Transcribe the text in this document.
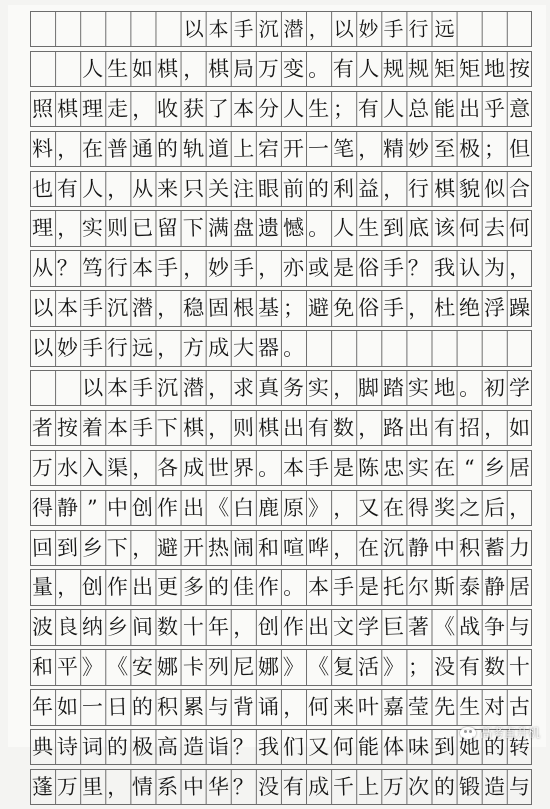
以 本 手 沉 潜 ， 以 妙 手 行 远
人 生 如 棋 ， 棋 局 万 变 。 有 人 规 规 矩 矩 地 按
照 棋 理 走 ， 收 获 了 本 分 人 生 ； 有 人 总 能 出 乎 意
料 ， 在 普 通 的 轨 道 上 宕 开 一 笔 ， 精 妙 至 极 ； 但
也 有 人 ， 从 来 只 关 注 眼 前 的 利 益 ， 行 棋 貌 似 合
理 ， 实 则 已 留 下 满 盘 遗 憾 。 人 生 到 底 该 何 去 何
从 ？ 笃 行 本 手 ， 妙 手 ， 亦 或 是 俗 手 ？ 我 认 为 ，
以 本 手 沉 潜 ， 稳 固 根 基 ； 避 免 俗 手 ， 杜 绝 浮 躁
以 妙 手 行 远 ， 方 成 大 器 。
以 本 手 沉 潜 ， 求 真 务 实 ， 脚 踏 实 地 。 初 学
者 按 着 本 手 下 棋 ， 则 棋 出 有 数 ， 路 出 有 招 ， 如
万 水 入 渠 ， 各 成 世 界 。 本 手 是 陈 忠 实 在 “ 乡 居
得 静 ” 中 创 作 出 《 白 鹿 原 》 ， 又 在 得 奖 之 后 ，
回 到 乡 下 ， 避 开 热 闹 和 喧 哗 ， 在 沉 静 中 积 蓄 力
量 ， 创 作 出 更 多 的 佳 作 。 本 手 是 托 尔 斯 泰 静 居
波 良 纳 乡 间 数 十 年 ， 创 作 出 文 学 巨 著 《 战 争 与
和 平 》 《 安 娜 卡 列 尼 娜 》 《 复 活 》 ； 没 有 数 十
年 如 一 日 的 积 累 与 背 诵 ， 何 来 叶 嘉 莹 先 生 对 古
典 诗 词 的 极 高 造 诣 ？ 我 们 又 何 能 体 味 到 她 的 转
蓬 万 里 ， 情 系 中 华 ？ 没 有 成 千 上 万 次 的 锻 造 与
高考直升机
